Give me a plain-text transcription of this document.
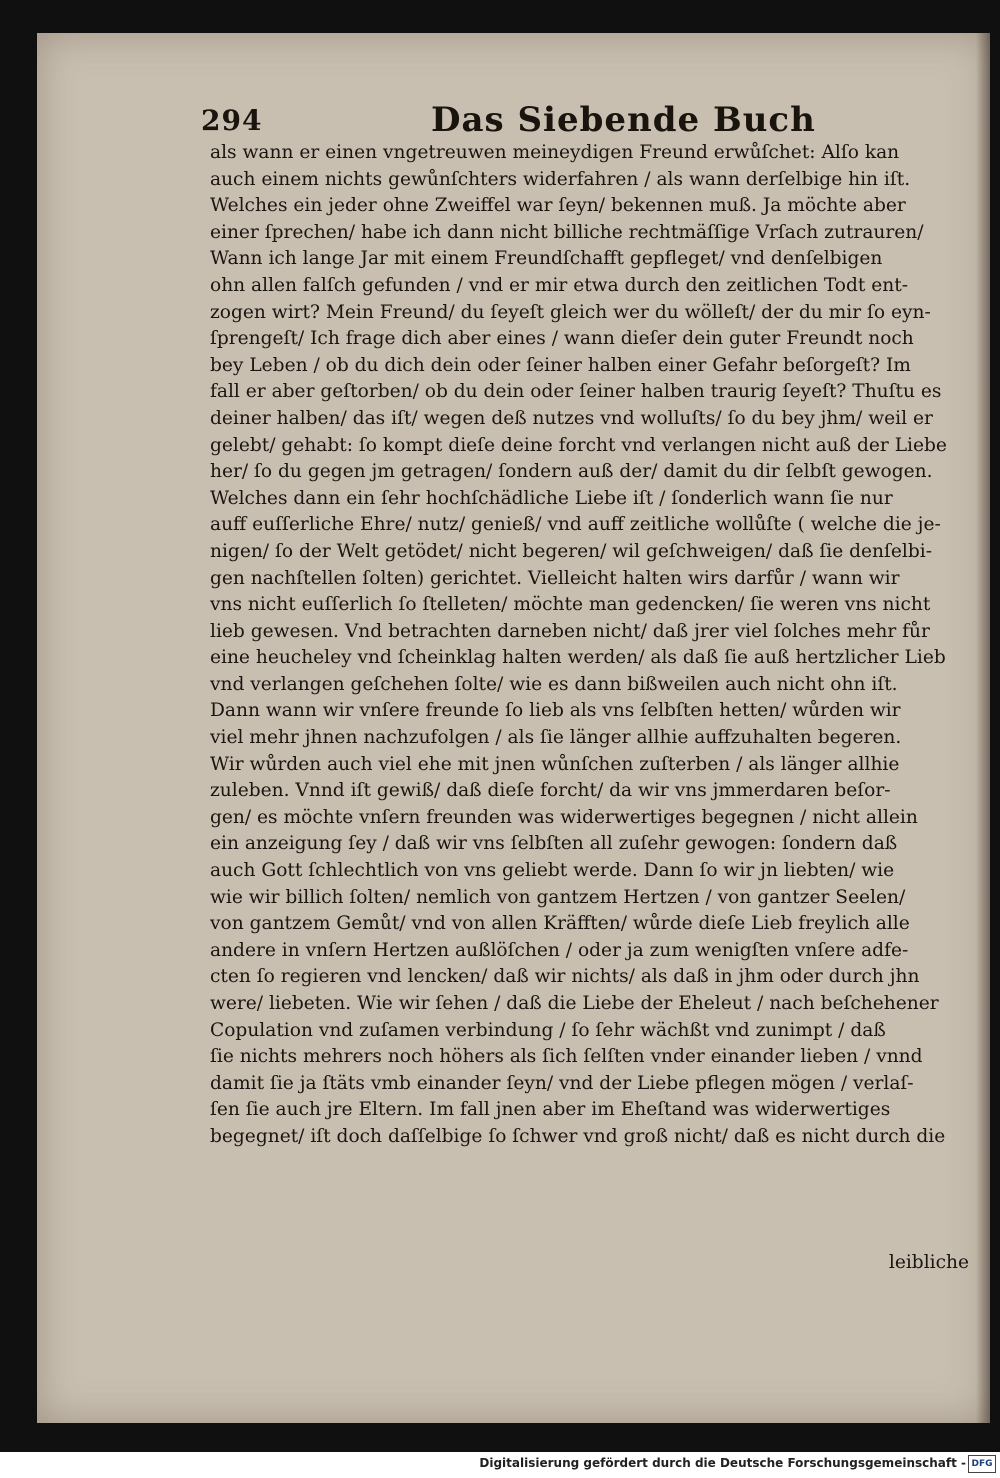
294	Das Siebende Buch
als wann er einen vngetreuwen meineydigen Freund erwůſchet: Alſo kan
auch einem nichts gewůnſchters widerfahren / als wann derſelbige hin iſt.
Welches ein jeder ohne Zweiffel war ſeyn/ bekennen muß. Ja möchte aber
einer ſprechen/ habe ich dann nicht billiche rechtmäſſige Vrſach zutrauren/
Wann ich lange Jar mit einem Freundſchafft gepfleget/ vnd denſelbigen
ohn allen falſch gefunden / vnd er mir etwa durch den zeitlichen Todt ent-
zogen wirt? Mein Freund/ du ſeyeſt gleich wer du wölleſt/ der du mir ſo eyn-
ſprengeſt/ Ich frage dich aber eines / wann dieſer dein guter Freundt noch
bey Leben / ob du dich dein oder ſeiner halben einer Gefahr beſorgeſt? Im
fall er aber geſtorben/ ob du dein oder ſeiner halben traurig ſeyeſt? Thuſtu es
deiner halben/ das iſt/ wegen deß nutzes vnd wolluſts/ ſo du bey jhm/ weil er
gelebt/ gehabt: ſo kompt dieſe deine forcht vnd verlangen nicht auß der Liebe
her/ ſo du gegen jm getragen/ ſondern auß der/ damit du dir ſelbſt gewogen.
Welches dann ein ſehr hochſchädliche Liebe iſt / ſonderlich wann ſie nur
auff euſſerliche Ehre/ nutz/ genieß/ vnd auff zeitliche wollůſte ( welche die je-
nigen/ ſo der Welt getödet/ nicht begeren/ wil geſchweigen/ daß ſie denſelbi-
gen nachſtellen ſolten) gerichtet. Vielleicht halten wirs darfůr / wann wir
vns nicht euſſerlich ſo ſtelleten/ möchte man gedencken/ ſie weren vns nicht
lieb gewesen. Vnd betrachten darneben nicht/ daß jrer viel ſolches mehr fůr
eine heucheley vnd ſcheinklag halten werden/ als daß ſie auß hertzlicher Lieb
vnd verlangen geſchehen ſolte/ wie es dann bißweilen auch nicht ohn iſt.
Dann wann wir vnſere freunde ſo lieb als vns ſelbſten hetten/ wůrden wir
viel mehr jhnen nachzufolgen / als ſie länger allhie auffzuhalten begeren.
Wir wůrden auch viel ehe mit jnen wůnſchen zuſterben / als länger allhie
zuleben. Vnnd iſt gewiß/ daß dieſe forcht/ da wir vns jmmerdaren beſor-
gen/ es möchte vnſern freunden was widerwertiges begegnen / nicht allein
ein anzeigung ſey / daß wir vns ſelbſten all zuſehr gewogen: ſondern daß
auch Gott ſchlechtlich von vns geliebt werde. Dann ſo wir jn liebten/ wie
wie wir billich ſolten/ nemlich von gantzem Hertzen / von gantzer Seelen/
von gantzem Gemůt/ vnd von allen Kräfften/ wůrde dieſe Lieb freylich alle
andere in vnſern Hertzen außlöſchen / oder ja zum wenigſten vnſere adfe-
cten ſo regieren vnd lencken/ daß wir nichts/ als daß in jhm oder durch jhn
were/ liebeten. Wie wir ſehen / daß die Liebe der Eheleut / nach beſchehener
Copulation vnd zuſamen verbindung / ſo ſehr wächßt vnd zunimpt / daß
ſie nichts mehrers noch höhers als ſich ſelſten vnder einander lieben / vnnd
damit ſie ja ſtäts vmb einander ſeyn/ vnd der Liebe pflegen mögen / verlaſ-
ſen ſie auch jre Eltern. Im fall jnen aber im Eheſtand was widerwertiges
begegnet/ iſt doch daſſelbige ſo ſchwer vnd groß nicht/ daß es nicht durch die
leibliche
Digitalisierung gefördert durch die Deutsche Forschungsgemeinschaft - DFG
